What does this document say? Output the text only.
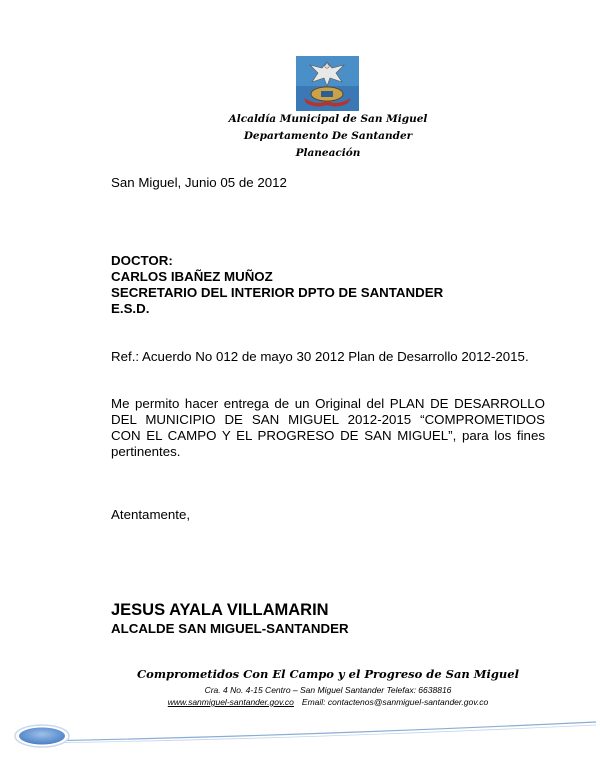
Alcaldía Municipal de San Miguel
Departamento De Santander
Planeación
San Miguel, Junio 05 de 2012
DOCTOR:
CARLOS IBAÑEZ MUÑOZ
SECRETARIO DEL INTERIOR DPTO DE SANTANDER
E.S.D.
Ref.: Acuerdo No 012 de mayo 30 2012 Plan de Desarrollo 2012-2015.

Me permito hacer entrega de un Original del PLAN DE DESARROLLO DEL MUNICIPIO DE SAN MIGUEL 2012-2015 “COMPROMETIDOS CON EL CAMPO Y EL PROGRESO DE SAN MIGUEL”, para los fines pertinentes.

Atentamente,
JESUS AYALA VILLAMARIN
ALCALDE SAN MIGUEL-SANTANDER
Comprometidos Con El Campo y el Progreso de San Miguel
Cra. 4 No. 4-15 Centro – San Miguel Santander Telefax: 6638816
www.sanmiguel-santander.gov.co Email: contactenos@sanmiguel-santander.gov.co
